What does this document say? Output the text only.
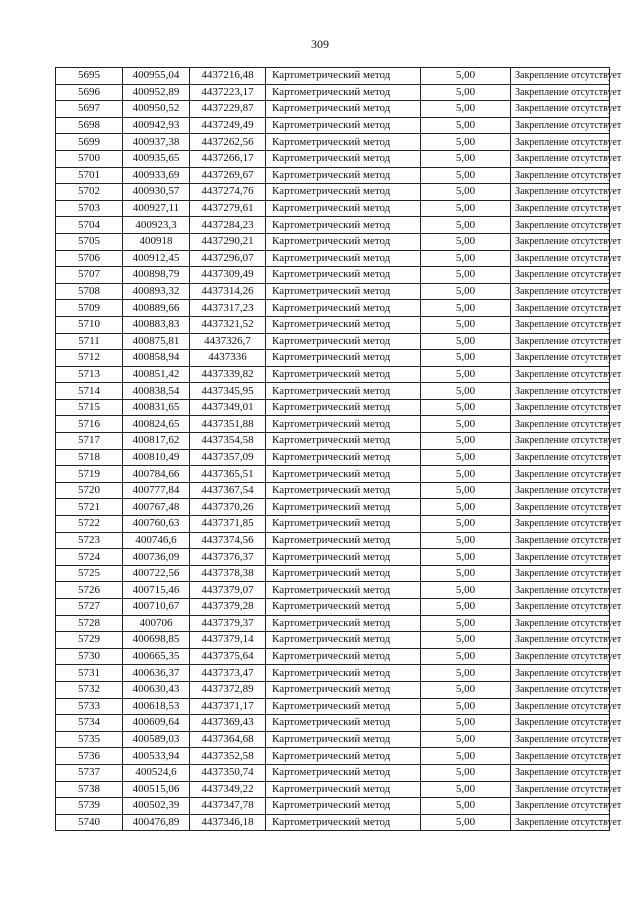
309
5695	400955,04	4437216,48	Картометрический метод	5,00	Закрепление отсутствует
5696	400952,89	4437223,17	Картометрический метод	5,00	Закрепление отсутствует
5697	400950,52	4437229,87	Картометрический метод	5,00	Закрепление отсутствует
5698	400942,93	4437249,49	Картометрический метод	5,00	Закрепление отсутствует
5699	400937,38	4437262,56	Картометрический метод	5,00	Закрепление отсутствует
5700	400935,65	4437266,17	Картометрический метод	5,00	Закрепление отсутствует
5701	400933,69	4437269,67	Картометрический метод	5,00	Закрепление отсутствует
5702	400930,57	4437274,76	Картометрический метод	5,00	Закрепление отсутствует
5703	400927,11	4437279,61	Картометрический метод	5,00	Закрепление отсутствует
5704	400923,3	4437284,23	Картометрический метод	5,00	Закрепление отсутствует
5705	400918	4437290,21	Картометрический метод	5,00	Закрепление отсутствует
5706	400912,45	4437296,07	Картометрический метод	5,00	Закрепление отсутствует
5707	400898,79	4437309,49	Картометрический метод	5,00	Закрепление отсутствует
5708	400893,32	4437314,26	Картометрический метод	5,00	Закрепление отсутствует
5709	400889,66	4437317,23	Картометрический метод	5,00	Закрепление отсутствует
5710	400883,83	4437321,52	Картометрический метод	5,00	Закрепление отсутствует
5711	400875,81	4437326,7	Картометрический метод	5,00	Закрепление отсутствует
5712	400858,94	4437336	Картометрический метод	5,00	Закрепление отсутствует
5713	400851,42	4437339,82	Картометрический метод	5,00	Закрепление отсутствует
5714	400838,54	4437345,95	Картометрический метод	5,00	Закрепление отсутствует
5715	400831,65	4437349,01	Картометрический метод	5,00	Закрепление отсутствует
5716	400824,65	4437351,88	Картометрический метод	5,00	Закрепление отсутствует
5717	400817,62	4437354,58	Картометрический метод	5,00	Закрепление отсутствует
5718	400810,49	4437357,09	Картометрический метод	5,00	Закрепление отсутствует
5719	400784,66	4437365,51	Картометрический метод	5,00	Закрепление отсутствует
5720	400777,84	4437367,54	Картометрический метод	5,00	Закрепление отсутствует
5721	400767,48	4437370,26	Картометрический метод	5,00	Закрепление отсутствует
5722	400760,63	4437371,85	Картометрический метод	5,00	Закрепление отсутствует
5723	400746,6	4437374,56	Картометрический метод	5,00	Закрепление отсутствует
5724	400736,09	4437376,37	Картометрический метод	5,00	Закрепление отсутствует
5725	400722,56	4437378,38	Картометрический метод	5,00	Закрепление отсутствует
5726	400715,46	4437379,07	Картометрический метод	5,00	Закрепление отсутствует
5727	400710,67	4437379,28	Картометрический метод	5,00	Закрепление отсутствует
5728	400706	4437379,37	Картометрический метод	5,00	Закрепление отсутствует
5729	400698,85	4437379,14	Картометрический метод	5,00	Закрепление отсутствует
5730	400665,35	4437375,64	Картометрический метод	5,00	Закрепление отсутствует
5731	400636,37	4437373,47	Картометрический метод	5,00	Закрепление отсутствует
5732	400630,43	4437372,89	Картометрический метод	5,00	Закрепление отсутствует
5733	400618,53	4437371,17	Картометрический метод	5,00	Закрепление отсутствует
5734	400609,64	4437369,43	Картометрический метод	5,00	Закрепление отсутствует
5735	400589,03	4437364,68	Картометрический метод	5,00	Закрепление отсутствует
5736	400533,94	4437352,58	Картометрический метод	5,00	Закрепление отсутствует
5737	400524,6	4437350,74	Картометрический метод	5,00	Закрепление отсутствует
5738	400515,06	4437349,22	Картометрический метод	5,00	Закрепление отсутствует
5739	400502,39	4437347,78	Картометрический метод	5,00	Закрепление отсутствует
5740	400476,89	4437346,18	Картометрический метод	5,00	Закрепление отсутствует
